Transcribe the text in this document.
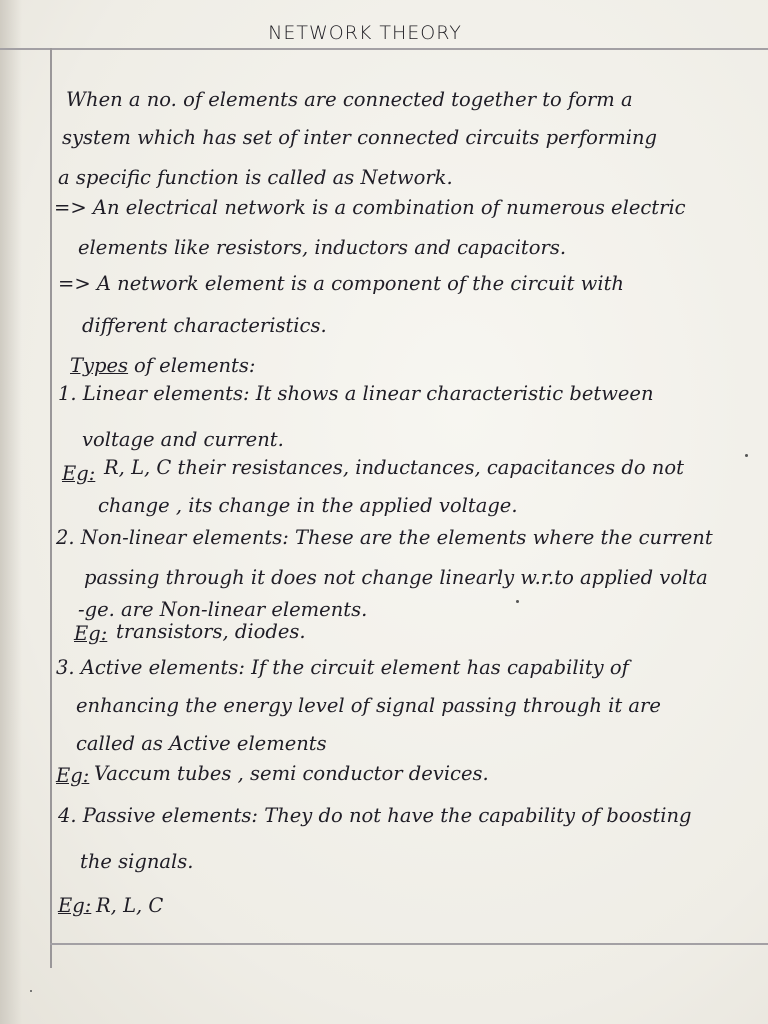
NETWORK THEORY
When a no. of elements are connected together to form a
system which has set of inter connected circuits performing
a specific function is called as Network.
=> An electrical network is a combination of numerous electric
elements like resistors, inductors and capacitors.
=> A network element is a component of the circuit with
different characteristics.
Types of elements:
1. Linear elements: It shows a linear characteristic between
voltage and current.
Eg: R, L, C their resistances, inductances, capacitances do not
change , its change in the applied voltage.
2. Non-linear elements: These are the elements where the current
passing through it does not change linearly w.r.to applied volta
-ge. are Non-linear elements.
Eg: transistors, diodes.
3. Active elements: If the circuit element has capability of
enhancing the energy level of signal passing through it are
called as Active elements
Eg: Vaccum tubes , semi conductor devices.
4. Passive elements: They do not have the capability of boosting
the signals.
Eg: R, L, C
